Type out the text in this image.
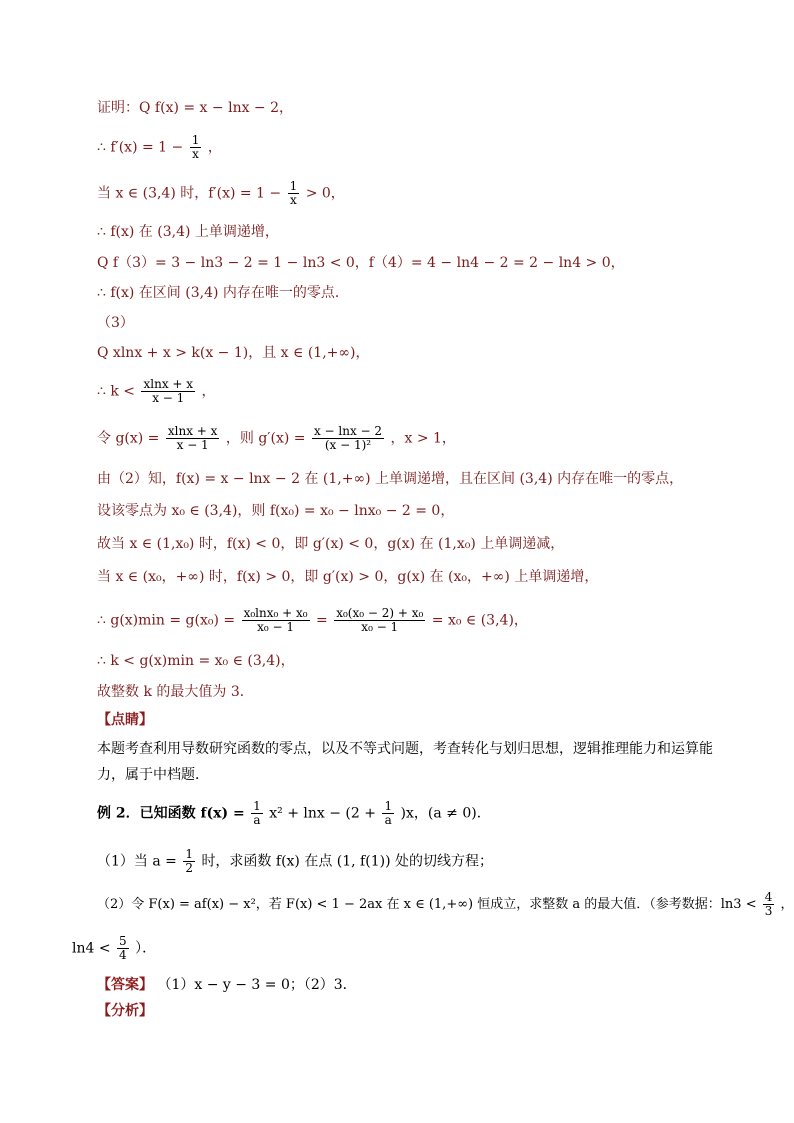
证明：Q f(x) = x − lnx − 2，
∴ $f'(x) = 1 - \frac{1}{x}$ ，
当 x ∈ (3,4) 时，$f'(x) = 1 - \frac{1}{x} > 0$，
∴ f(x) 在 (3,4) 上单调递增，
Q f（3）= 3 − ln3 − 2 = 1 − ln3 < 0，f（4）= 4 − ln4 − 2 = 2 − ln4 > 0，
∴ f(x) 在区间 (3,4) 内存在唯一的零点．
（3）
Q xlnx + x > k(x − 1)，且 x ∈ (1,+∞)，
∴ $k < \frac{xlnx + x}{x - 1}$ ，
令 $g(x) = \frac{xlnx + x}{x - 1}$ ，则 $g'(x) = \frac{x - \ln x - 2}{\text{(x − 1)²}}$ ，x > 1，
由（2）知，f(x) = x − lnx − 2 在 (1,+∞) 上单调递增，且在区间 (3,4) 内存在唯一的零点，
设该零点为 x₀ ∈ (3,4)，则 f(x₀) = x₀ − lnx₀ − 2 = 0，
故当 x ∈ (1,x₀) 时，f(x) < 0，即 g′(x) < 0，g(x) 在 (1,x₀) 上单调递减，
当 x ∈ (x₀，+∞) 时，f(x) > 0，即 g′(x) > 0，g(x) 在 (x₀，+∞) 上单调递增，
∴ $g(x)\min = g(x_0) = \frac{\text{x₀lnx₀ + x₀}}{\text{x₀ − 1}} = \frac{\text{x₀(x₀ − 2) + x₀}}{\text{x₀ − 1}} = x_0$ ∈ (3,4)，
∴ k < g(x)min = x₀ ∈ (3,4)，
故整数 k 的最大值为 3．
【点睛】
本题考查利用导数研究函数的零点，以及不等式问题，考查转化与划归思想，逻辑推理能力和运算能力，属于中档题．
例 2．已知函数 $f(x) = \frac{1}{a} x^2 + \ln x - (2 + \frac{1}{a} )x$，(a ≠ 0)．
（1）当 $a = \frac{1}{2}$ 时，求函数 f(x) 在点 (1, f(1)) 处的切线方程；
（2）令 F(x) = af(x) − x²，若 F(x) < 1 − 2ax 在 x ∈ (1,+∞) 恒成立，求整数 a 的最大值．（参考数据：$\ln 3 < \frac{4}{3}$ ，
$\ln 4 < \frac{5}{4}$ ）．
【答案】 （1）x − y − 3 = 0；（2）3．
【分析】
